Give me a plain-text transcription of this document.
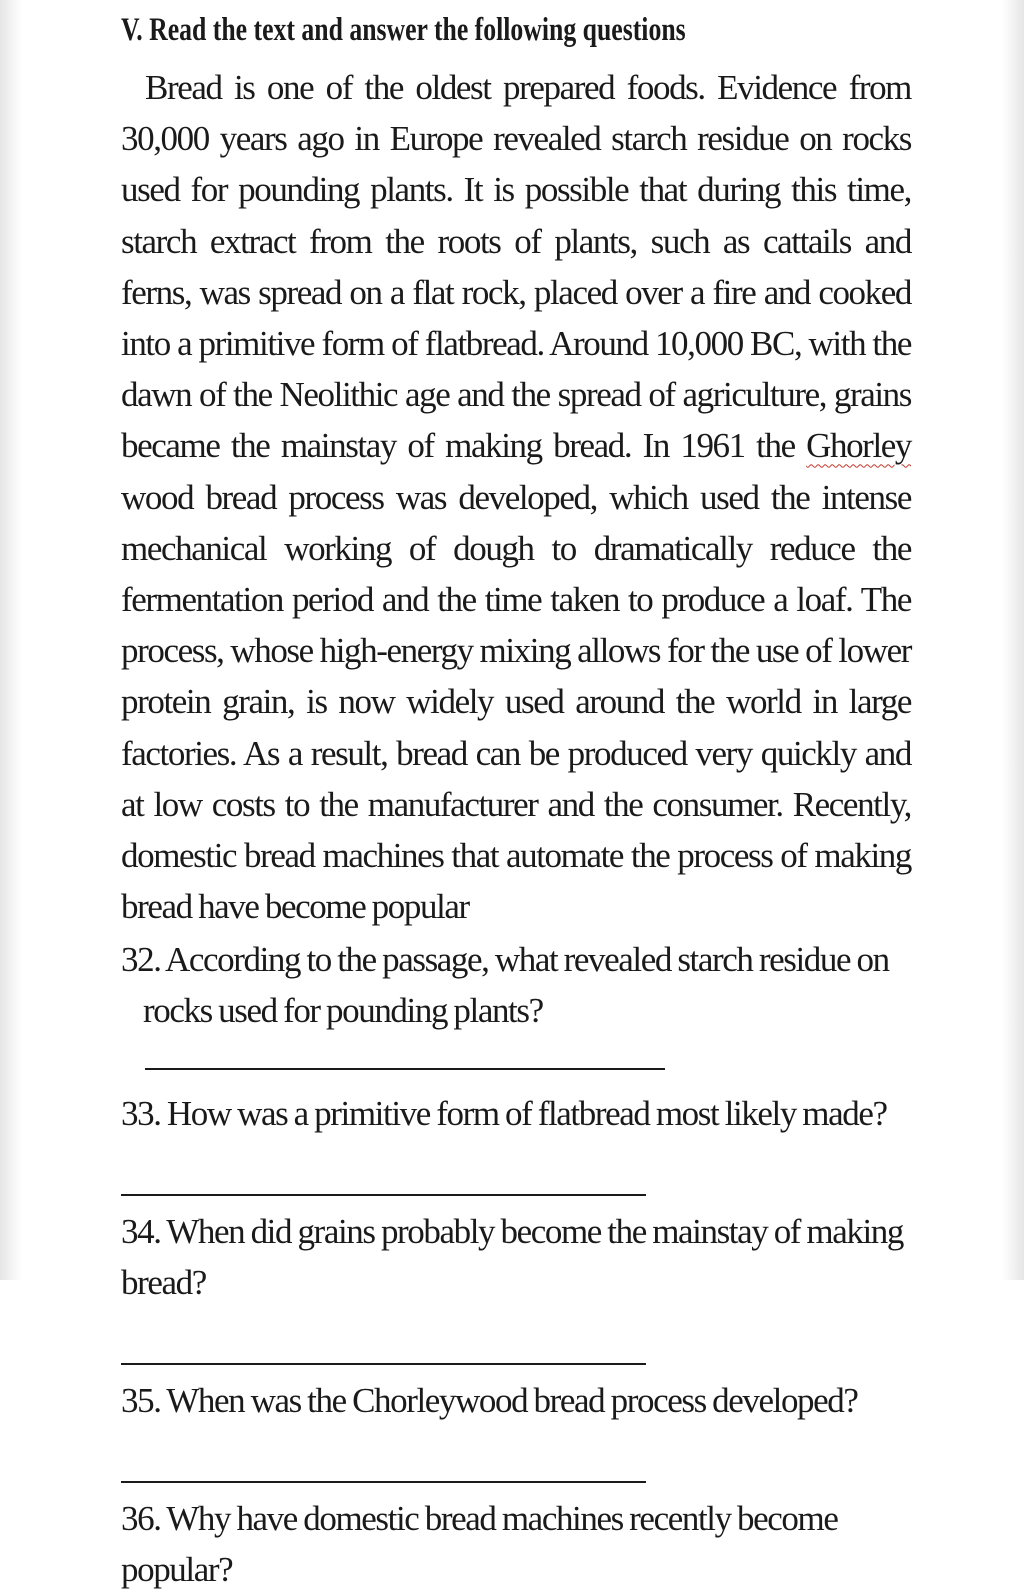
V. Read the text and answer the following questions

Bread is one of the oldest prepared foods. Evidence from 30,000 years ago in Europe revealed starch residue on rocks used for pounding plants. It is possible that during this time, starch extract from the roots of plants, such as cattails and ferns, was spread on a flat rock, placed over a fire and cooked into a primitive form of flatbread. Around 10,000 BC, with the dawn of the Neolithic age and the spread of agriculture, grains became the mainstay of making bread. In 1961 the Ghorley wood bread process was developed, which used the intense mechanical working of dough to dramatically reduce the fermentation period and the time taken to produce a loaf. The process, whose high-energy mixing allows for the use of lower protein grain, is now widely used around the world in large factories. As a result, bread can be produced very quickly and at low costs to the manufacturer and the consumer. Recently, domestic bread machines that automate the process of making bread have become popular

32. According to the passage, what revealed starch residue on rocks used for pounding plants?

33. How was a primitive form of flatbread most likely made?

34. When did grains probably become the mainstay of making bread?

35. When was the Chorleywood bread process developed?

36. Why have domestic bread machines recently become popular?
